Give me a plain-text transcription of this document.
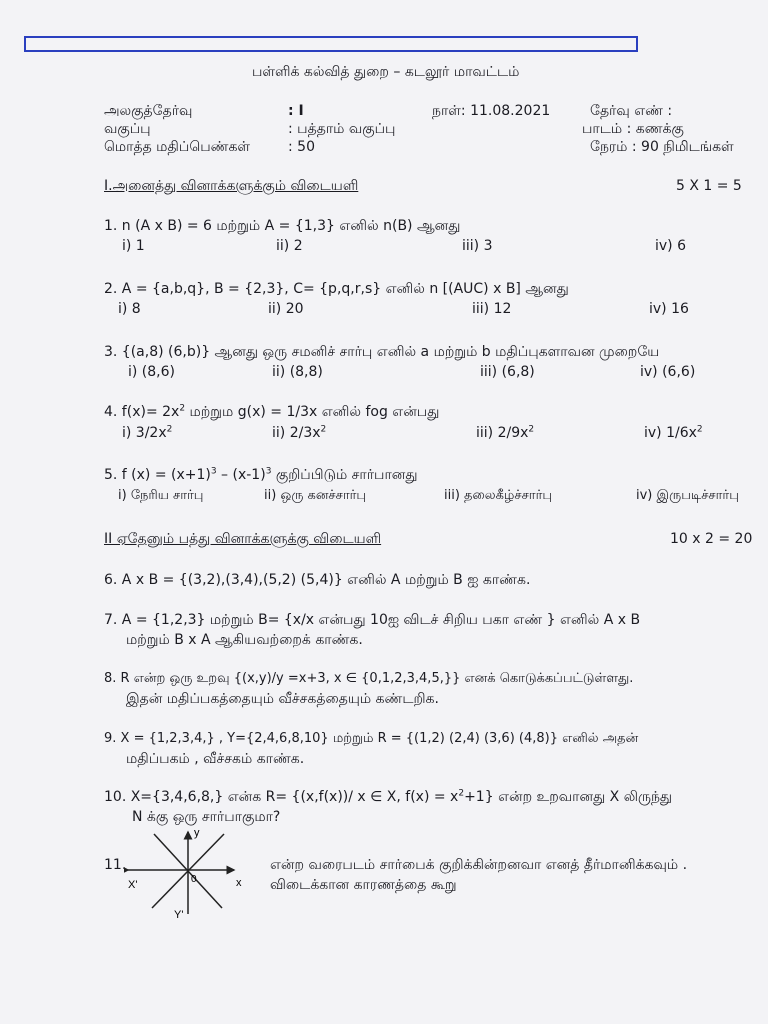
பள்ளிக் கல்வித் துறை – கடலூர் மாவட்டம்
அலகுத்தேர்வு	: I	நாள்: 11.08.2021	தேர்வு எண் :
வகுப்பு	: பத்தாம் வகுப்பு	பாடம் : கணக்கு
மொத்த மதிப்பெண்கள்	: 50	நேரம் : 90 நிமிடங்கள்
I.அனைத்து வினாக்களுக்கும் விடையளி	5 X 1 = 5
1. n (A x B) = 6 மற்றும் A = {1,3} எனில் n(B) ஆனது
i) 1	ii) 2	iii) 3	iv) 6
2. A = {a,b,q}, B = {2,3}, C= {p,q,r,s} எனில் n [(AUC) x B] ஆனது
i) 8	ii) 20	iii) 12	iv) 16
3. {(a,8) (6,b)} ஆனது ஒரு சமனிச் சார்பு எனில் a மற்றும் b மதிப்புகளாவன முறையே
i) (8,6)	ii) (8,8)	iii) (6,8)	iv) (6,6)
4. $f(x)= 2x^2$ மற்றும g(x) = 1/3x எனில் fog என்பது
i) $3/2x^2$	ii) $2/3x^2$	iii) $2/9x^2$	iv) $1/6x^2$
5. f $(x) = (x+1)^3 - (x-1)^3$ குறிப்பிடும் சார்பானது
i) நேரிய சார்பு	ii) ஒரு கனச்சார்பு	iii) தலைகீழ்ச்சார்பு	iv) இருபடிச்சார்பு
II ஏதேனும் பத்து வினாக்களுக்கு விடையளி	10 x 2 = 20
6. A x B = {(3,2),(3,4),(5,2) (5,4)} எனில் A மற்றும் B ஐ காண்க.
7. A = {1,2,3} மற்றும் B= {x/x என்பது 10ஐ விடச் சிறிய பகா எண் } எனில் A x B
மற்றும் B x A ஆகியவற்றைக் காண்க.
8. R என்ற ஒரு உறவு {(x,y)/y =x+3, x ∈ {0,1,2,3,4,5,}} எனக் கொடுக்கப்பட்டுள்ளது.
இதன் மதிப்பகத்தையும் வீச்சகத்தையும் கண்டறிக.
9. X = {1,2,3,4,} , Y={2,4,6,8,10} மற்றும் R = {(1,2) (2,4) (3,6) (4,8)} எனில் அதன்
மதிப்பகம் , வீச்சகம் காண்க.
10. X={3,4,6,8,} என்க R= {(x,f(x))/ x ∈ X, $f(x) = x^2+1$} என்ற உறவானது X லிருந்து
N க்கு ஒரு சார்பாகுமா?
11.	என்ற வரைபடம் சார்பைக் குறிக்கின்றனவா எனத் தீர்மானிக்கவும் .
விடைக்கான காரணத்தை கூறு
y
x
X'
Y'
0
